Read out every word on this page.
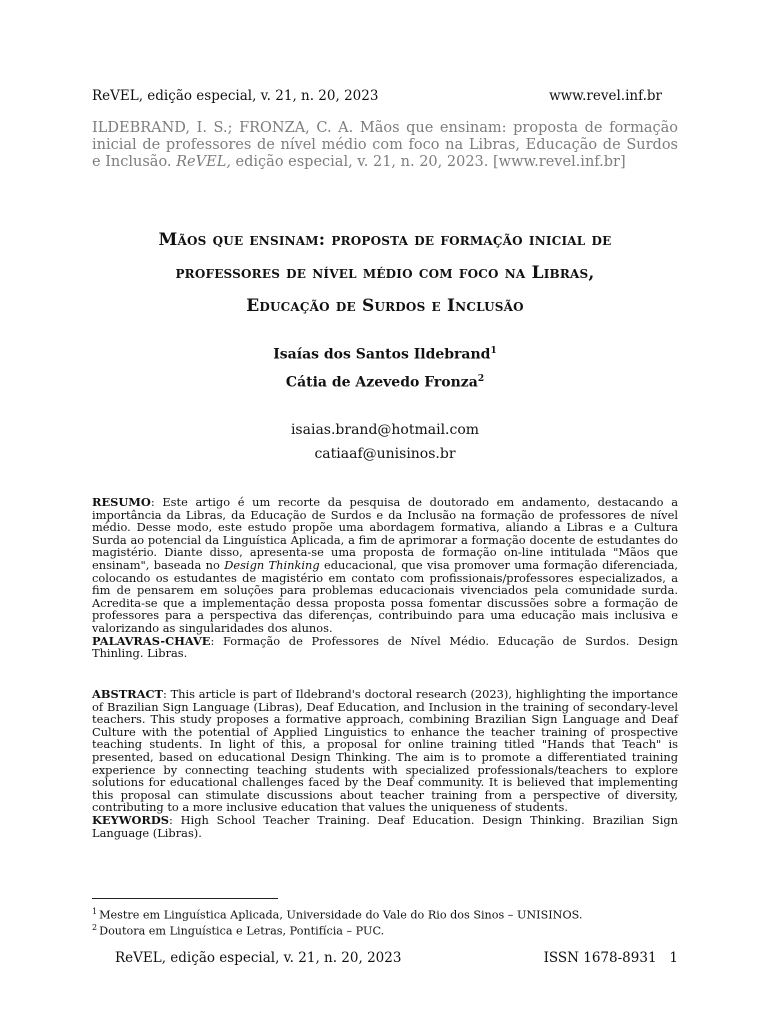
ReVEL, edição especial, v. 21, n. 20, 2023	www.revel.inf.br
ILDEBRAND, I. S.; FRONZA, C. A. Mãos que ensinam: proposta de formação inicial de professores de nível médio com foco na Libras, Educação de Surdos e Inclusão. ReVEL, edição especial, v. 21, n. 20, 2023. [www.revel.inf.br]
Mãos que ensinam: proposta de formação inicial de
professores de nível médio com foco na Libras,
Educação de Surdos e Inclusão
Isaías dos Santos Ildebrand$^1$
Cátia de Azevedo Fronza$^2$
isaias.brand@hotmail.com
catiaaf@unisinos.br
RESUMO: Este artigo é um recorte da pesquisa de doutorado em andamento, destacando a importância da Libras, da Educação de Surdos e da Inclusão na formação de professores de nível médio. Desse modo, este estudo propõe uma abordagem formativa, aliando a Libras e a Cultura Surda ao potencial da Linguística Aplicada, a fim de aprimorar a formação docente de estudantes do magistério. Diante disso, apresenta-se uma proposta de formação on-line intitulada "Mãos que ensinam", baseada no Design Thinking educacional, que visa promover uma formação diferenciada, colocando os estudantes de magistério em contato com profissionais/professores especializados, a fim de pensarem em soluções para problemas educacionais vivenciados pela comunidade surda. Acredita-se que a implementação dessa proposta possa fomentar discussões sobre a formação de professores para a perspectiva das diferenças, contribuindo para uma educação mais inclusiva e valorizando as singularidades dos alunos.
PALAVRAS-CHAVE: Formação de Professores de Nível Médio. Educação de Surdos. Design Thinling. Libras.
ABSTRACT: This article is part of Ildebrand's doctoral research (2023), highlighting the importance of Brazilian Sign Language (Libras), Deaf Education, and Inclusion in the training of secondary-level teachers. This study proposes a formative approach, combining Brazilian Sign Language and Deaf Culture with the potential of Applied Linguistics to enhance the teacher training of prospective teaching students. In light of this, a proposal for online training titled "Hands that Teach" is presented, based on educational Design Thinking. The aim is to promote a differentiated training experience by connecting teaching students with specialized professionals/teachers to explore solutions for educational challenges faced by the Deaf community. It is believed that implementing this proposal can stimulate discussions about teacher training from a perspective of diversity, contributing to a more inclusive education that values the uniqueness of students.
KEYWORDS: High School Teacher Training. Deaf Education. Design Thinking. Brazilian Sign Language (Libras).
$^1$ Mestre em Linguística Aplicada, Universidade do Vale do Rio dos Sinos – UNISINOS.
$^2$ Doutora em Linguística e Letras, Pontifícia – PUC.
ReVEL, edição especial, v. 21, n. 20, 2023	ISSN 1678-8931   1
